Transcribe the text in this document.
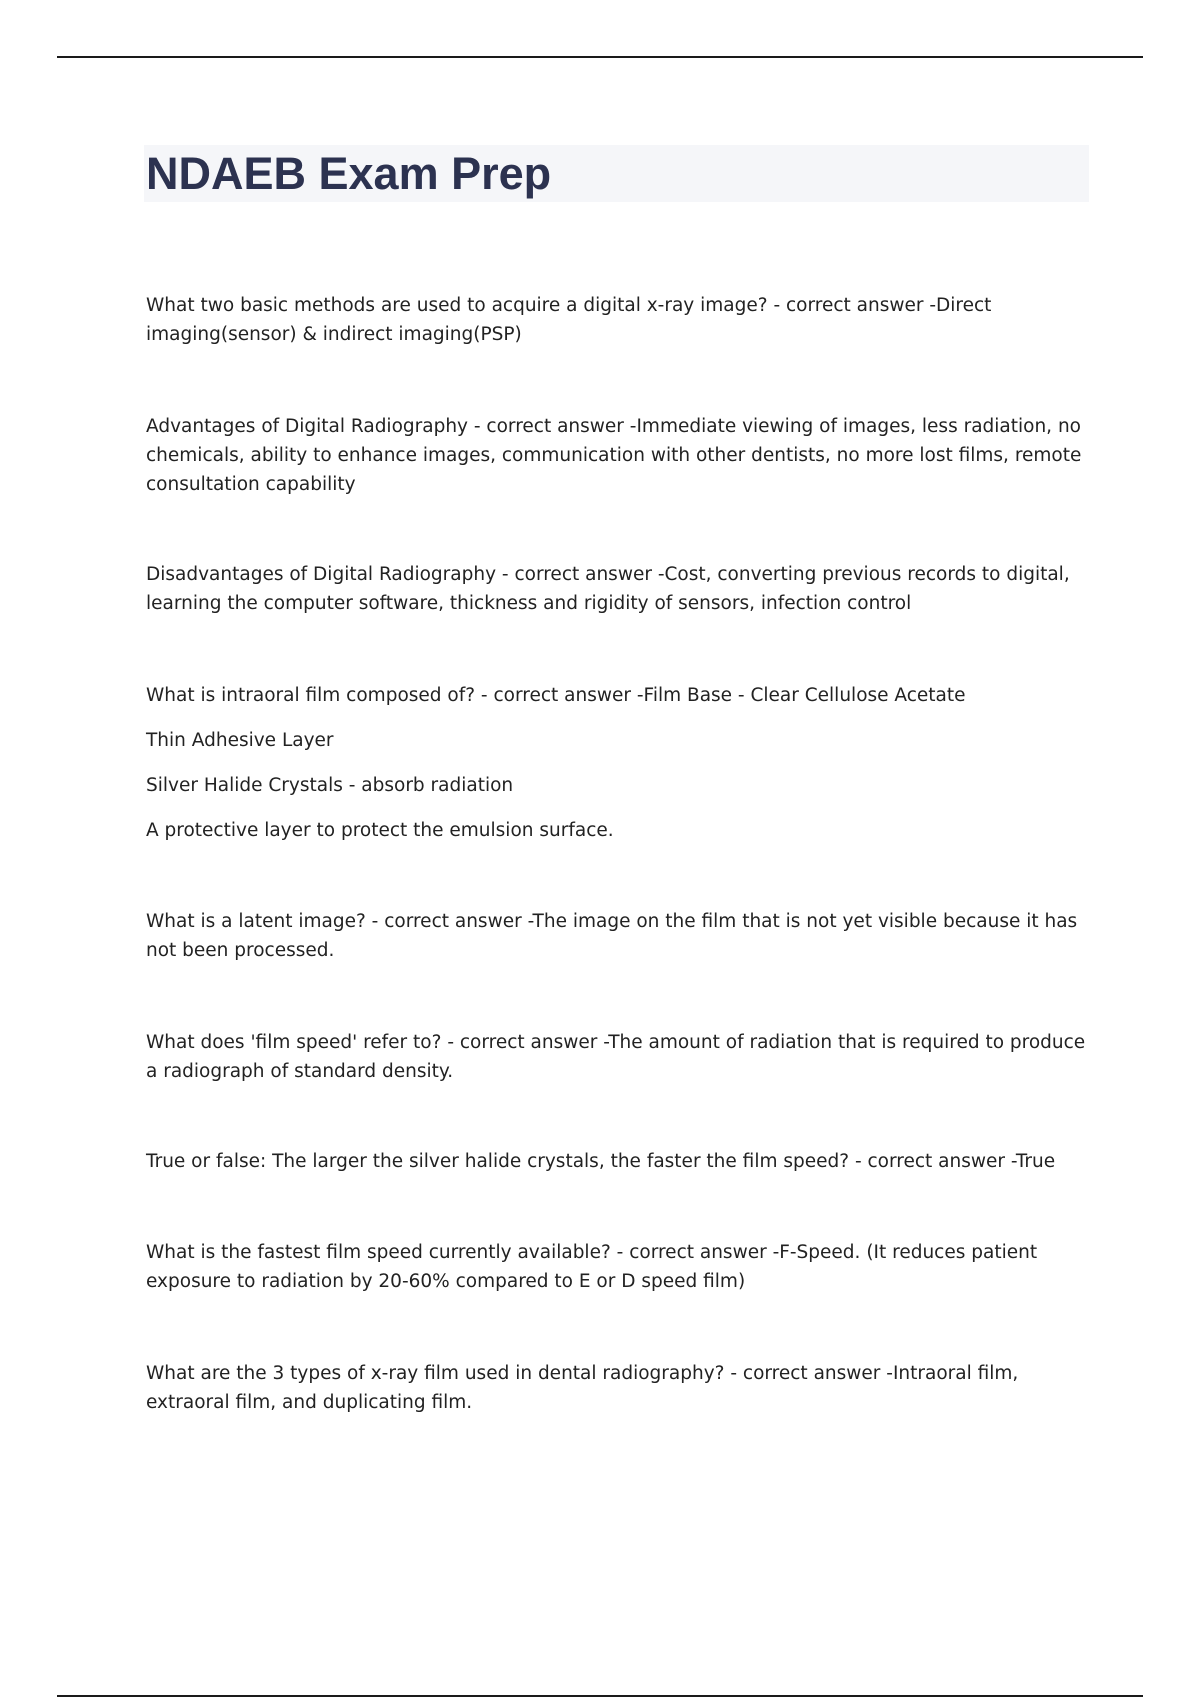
NDAEB Exam Prep

What two basic methods are used to acquire a digital x-ray image? - correct answer -Direct imaging(sensor) & indirect imaging(PSP)

Advantages of Digital Radiography - correct answer -Immediate viewing of images, less radiation, no chemicals, ability to enhance images, communication with other dentists, no more lost films, remote consultation capability

Disadvantages of Digital Radiography - correct answer -Cost, converting previous records to digital, learning the computer software, thickness and rigidity of sensors, infection control

What is intraoral film composed of? - correct answer -Film Base - Clear Cellulose Acetate

Thin Adhesive Layer

Silver Halide Crystals - absorb radiation

A protective layer to protect the emulsion surface.

What is a latent image? - correct answer -The image on the film that is not yet visible because it has not been processed.

What does 'film speed' refer to? - correct answer -The amount of radiation that is required to produce a radiograph of standard density.

True or false: The larger the silver halide crystals, the faster the film speed? - correct answer -True

What is the fastest film speed currently available? - correct answer -F-Speed. (It reduces patient exposure to radiation by 20-60% compared to E or D speed film)

What are the 3 types of x-ray film used in dental radiography? - correct answer -Intraoral film, extraoral film, and duplicating film.
